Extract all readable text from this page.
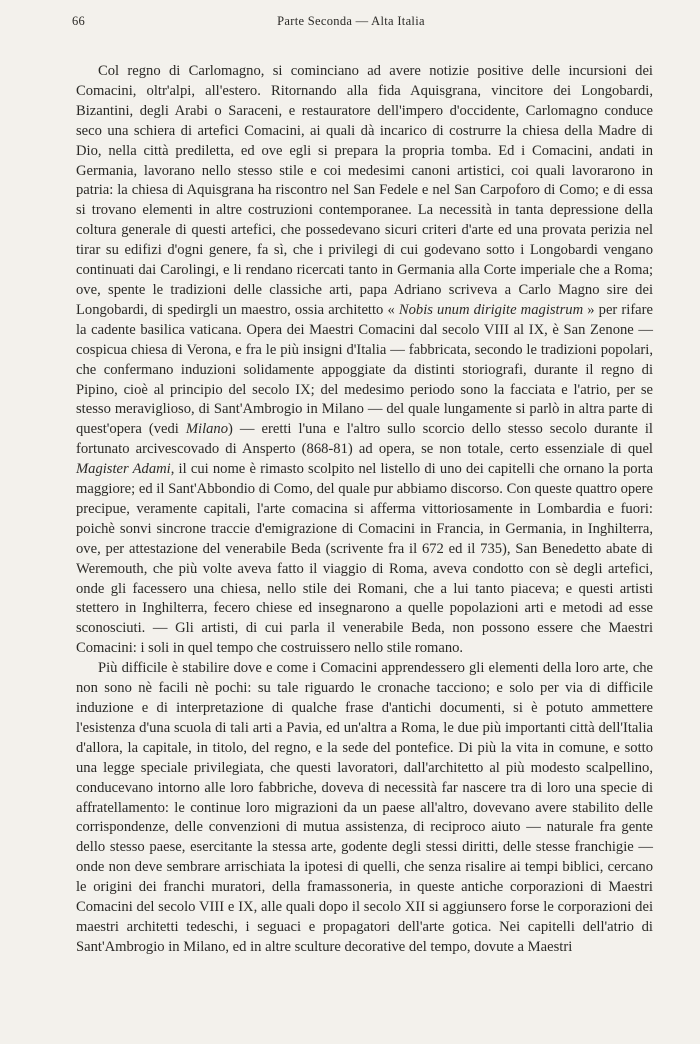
66	Parte Seconda — Alta Italia

Col regno di Carlomagno, si cominciano ad avere notizie positive delle incursioni dei Comacini, oltr'alpi, all'estero. Ritornando alla fida Aquisgrana, vincitore dei Longobardi, Bizantini, degli Arabi o Saraceni, e restauratore dell'impero d'occidente, Carlomagno conduce seco una schiera di artefici Comacini, ai quali dà incarico di costrurre la chiesa della Madre di Dio, nella città prediletta, ed ove egli si prepara la propria tomba. Ed i Comacini, andati in Germania, lavorano nello stesso stile e coi medesimi canoni artistici, coi quali lavorarono in patria: la chiesa di Aquisgrana ha riscontro nel San Fedele e nel San Carpoforo di Como; e di essa si trovano elementi in altre costruzioni contemporanee. La necessità in tanta depressione della coltura generale di questi artefici, che possedevano sicuri criteri d'arte ed una provata perizia nel tirar su edifizi d'ogni genere, fa sì, che i privilegi di cui godevano sotto i Longobardi vengano continuati dai Carolingi, e li rendano ricercati tanto in Germania alla Corte imperiale che a Roma; ove, spente le tradizioni delle classiche arti, papa Adriano scriveva a Carlo Magno sire dei Longobardi, di spedirgli un maestro, ossia architetto « Nobis unum dirigite magistrum » per rifare la cadente basilica vaticana. Opera dei Maestri Comacini dal secolo VIII al IX, è San Zenone — cospicua chiesa di Verona, e fra le più insigni d'Italia — fabbricata, secondo le tradizioni popolari, che confermano induzioni solidamente appoggiate da distinti storiografi, durante il regno di Pipino, cioè al principio del secolo IX; del medesimo periodo sono la facciata e l'atrio, per se stesso meraviglioso, di Sant'Ambrogio in Milano — del quale lungamente si parlò in altra parte di quest'opera (vedi Milano) — eretti l'una e l'altro sullo scorcio dello stesso secolo durante il fortunato arcivescovado di Ansperto (868-81) ad opera, se non totale, certo essenziale di quel Magister Adami, il cui nome è rimasto scolpito nel listello di uno dei capitelli che ornano la porta maggiore; ed il Sant'Abbondio di Como, del quale pur abbiamo discorso. Con queste quattro opere precipue, veramente capitali, l'arte comacina si afferma vittoriosamente in Lombardia e fuori: poichè sonvi sincrone traccie d'emigrazione di Comacini in Francia, in Germania, in Inghilterra, ove, per attestazione del venerabile Beda (scrivente fra il 672 ed il 735), San Benedetto abate di Weremouth, che più volte aveva fatto il viaggio di Roma, aveva condotto con sè degli artefici, onde gli facessero una chiesa, nello stile dei Romani, che a lui tanto piaceva; e questi artisti stettero in Inghilterra, fecero chiese ed insegnarono a quelle popolazioni arti e metodi ad esse sconosciuti. — Gli artisti, di cui parla il venerabile Beda, non possono essere che Maestri Comacini: i soli in quel tempo che costruissero nello stile romano.

Più difficile è stabilire dove e come i Comacini apprendessero gli elementi della loro arte, che non sono nè facili nè pochi: su tale riguardo le cronache tacciono; e solo per via di difficile induzione e di interpretazione di qualche frase d'antichi documenti, si è potuto ammettere l'esistenza d'una scuola di tali arti a Pavia, ed un'altra a Roma, le due più importanti città dell'Italia d'allora, la capitale, in titolo, del regno, e la sede del pontefice. Di più la vita in comune, e sotto una legge speciale privilegiata, che questi lavoratori, dall'architetto al più modesto scalpellino, conducevano intorno alle loro fabbriche, doveva di necessità far nascere tra di loro una specie di affratellamento: le continue loro migrazioni da un paese all'altro, dovevano avere stabilito delle corrispondenze, delle convenzioni di mutua assistenza, di reciproco aiuto — naturale fra gente dello stesso paese, esercitante la stessa arte, godente degli stessi diritti, delle stesse franchigie — onde non deve sembrare arrischiata la ipotesi di quelli, che senza risalire ai tempi biblici, cercano le origini dei franchi muratori, della framassoneria, in queste antiche corporazioni di Maestri Comacini del secolo VIII e IX, alle quali dopo il secolo XII si aggiunsero forse le corporazioni dei maestri architetti tedeschi, i seguaci e propagatori dell'arte gotica. Nei capitelli dell'atrio di Sant'Ambrogio in Milano, ed in altre sculture decorative del tempo, dovute a Maestri
